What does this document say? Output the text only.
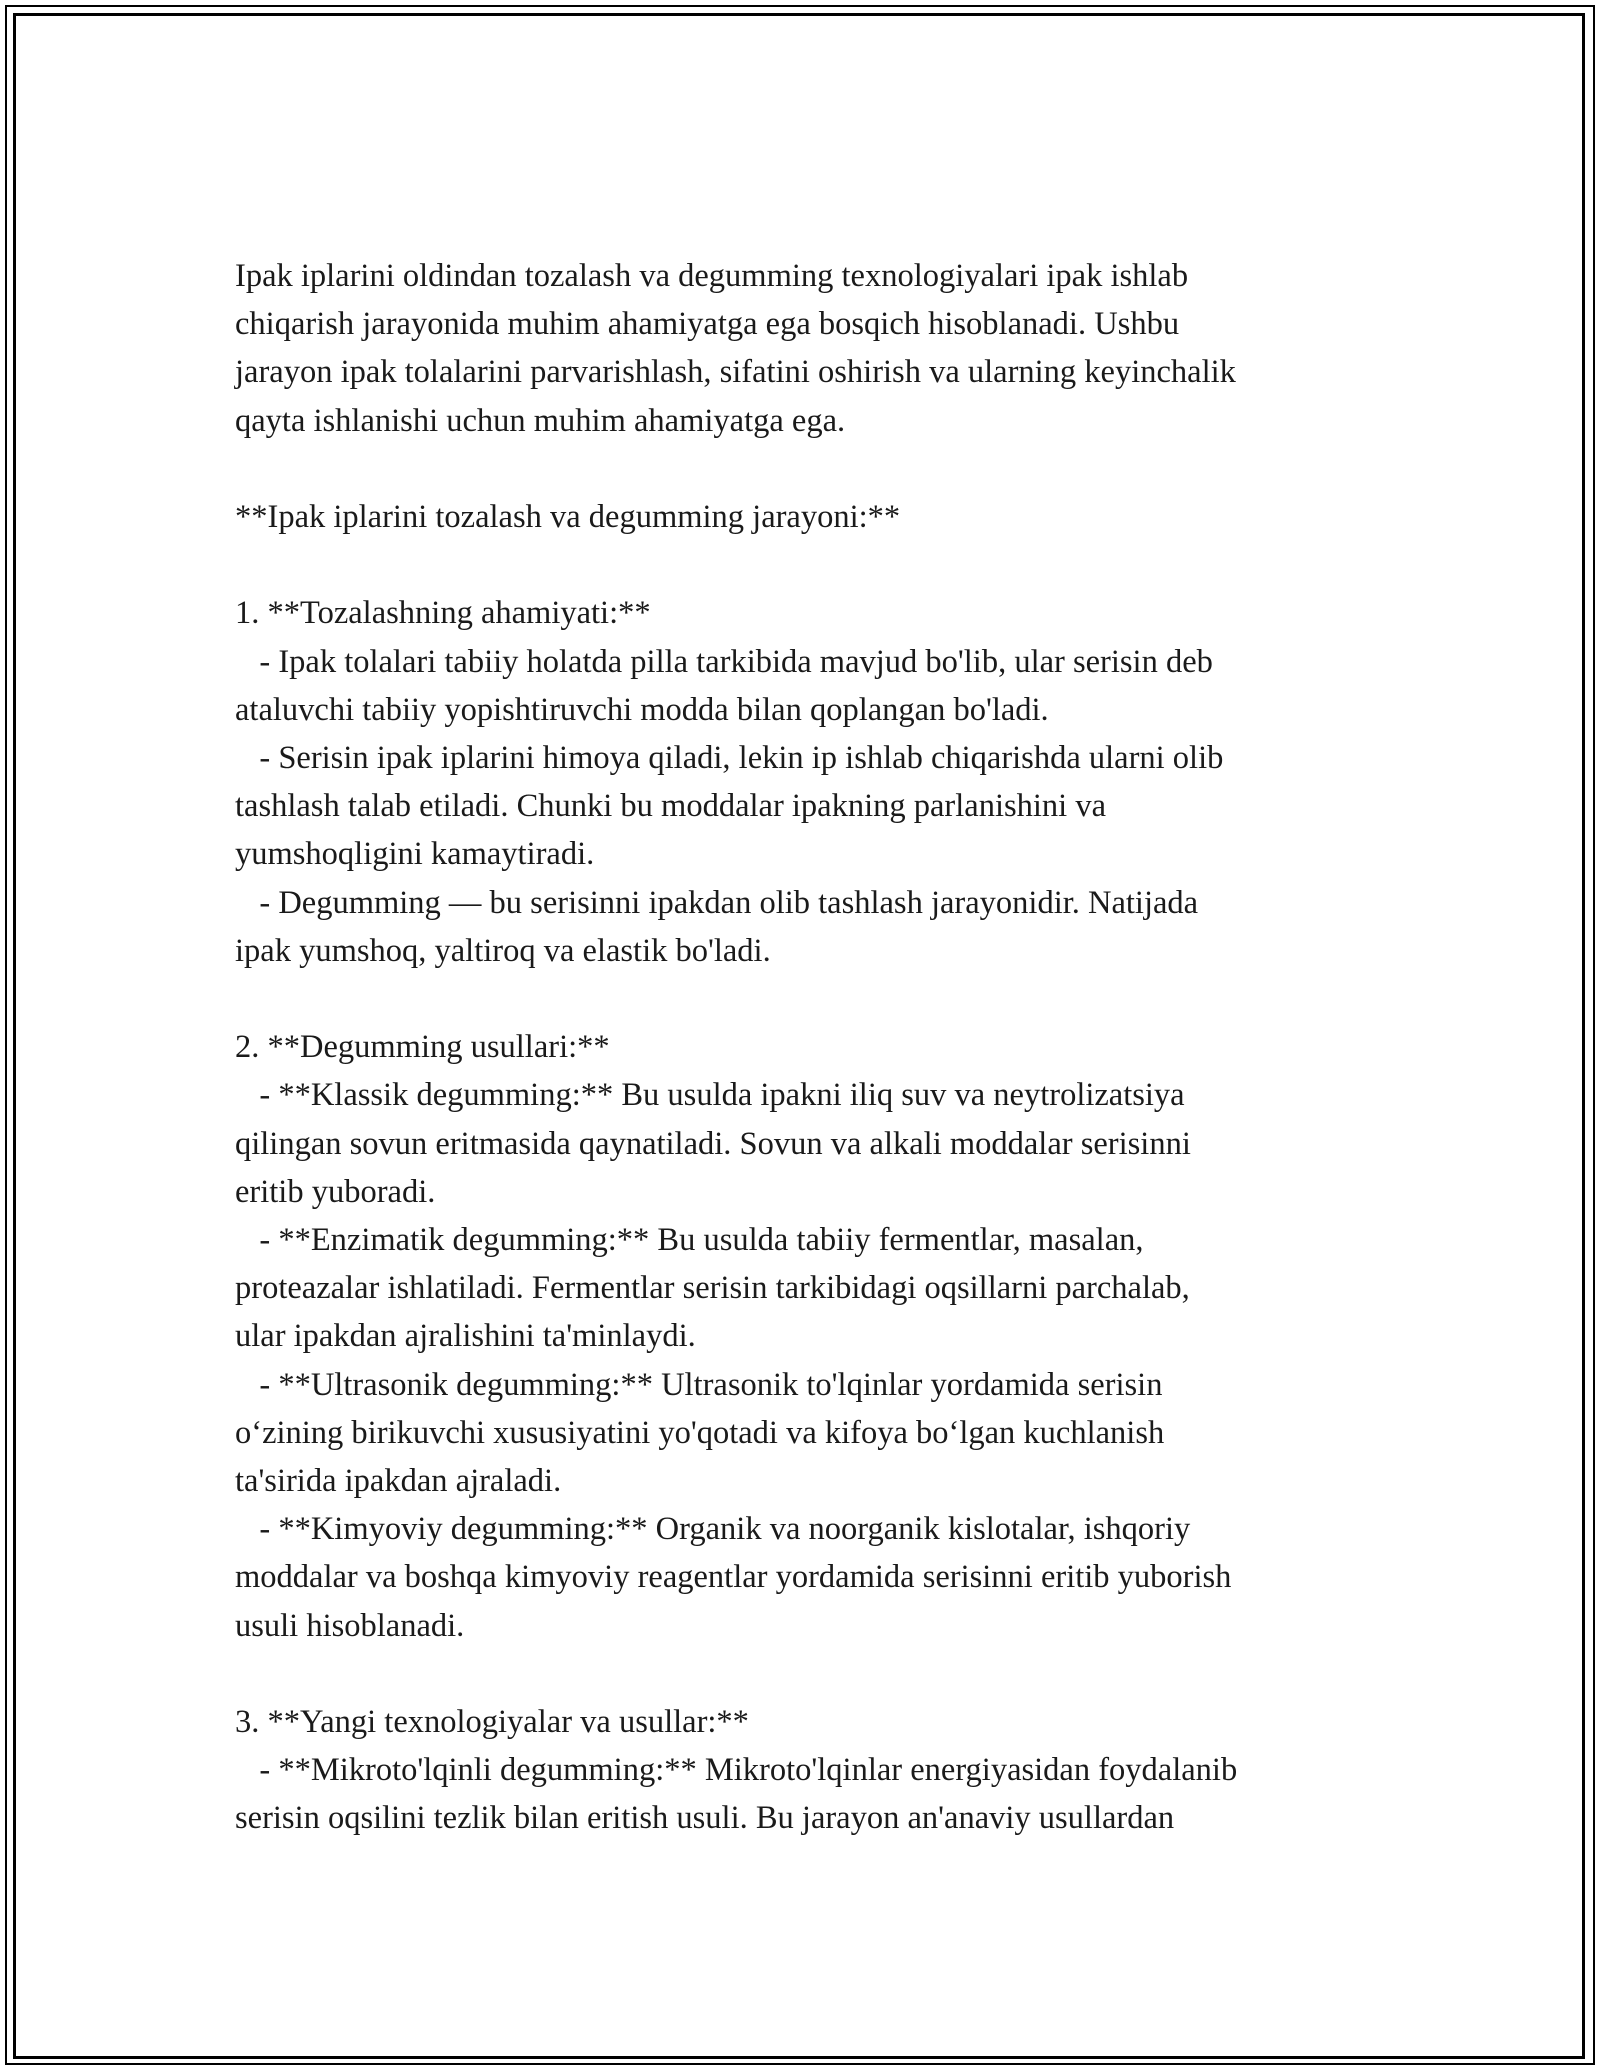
Ipak iplarini oldindan tozalash va degumming texnologiyalari ipak ishlab
chiqarish jarayonida muhim ahamiyatga ega bosqich hisoblanadi. Ushbu
jarayon ipak tolalarini parvarishlash, sifatini oshirish va ularning keyinchalik
qayta ishlanishi uchun muhim ahamiyatga ega.
**Ipak iplarini tozalash va degumming jarayoni:**
1. **Tozalashning ahamiyati:**
- Ipak tolalari tabiiy holatda pilla tarkibida mavjud bo'lib, ular serisin deb
ataluvchi tabiiy yopishtiruvchi modda bilan qoplangan bo'ladi.
- Serisin ipak iplarini himoya qiladi, lekin ip ishlab chiqarishda ularni olib
tashlash talab etiladi. Chunki bu moddalar ipakning parlanishini va
yumshoqligini kamaytiradi.
- Degumming — bu serisinni ipakdan olib tashlash jarayonidir. Natijada
ipak yumshoq, yaltiroq va elastik bo'ladi.
2. **Degumming usullari:**
- **Klassik degumming:** Bu usulda ipakni iliq suv va neytrolizatsiya
qilingan sovun eritmasida qaynatiladi. Sovun va alkali moddalar serisinni
eritib yuboradi.
- **Enzimatik degumming:** Bu usulda tabiiy fermentlar, masalan,
proteazalar ishlatiladi. Fermentlar serisin tarkibidagi oqsillarni parchalab,
ular ipakdan ajralishini ta'minlaydi.
- **Ultrasonik degumming:** Ultrasonik to'lqinlar yordamida serisin
o‘zining birikuvchi xususiyatini yo'qotadi va kifoya bo‘lgan kuchlanish
ta'sirida ipakdan ajraladi.
- **Kimyoviy degumming:** Organik va noorganik kislotalar, ishqoriy
moddalar va boshqa kimyoviy reagentlar yordamida serisinni eritib yuborish
usuli hisoblanadi.
3. **Yangi texnologiyalar va usullar:**
- **Mikroto'lqinli degumming:** Mikroto'lqinlar energiyasidan foydalanib
serisin oqsilini tezlik bilan eritish usuli. Bu jarayon an'anaviy usullardan
